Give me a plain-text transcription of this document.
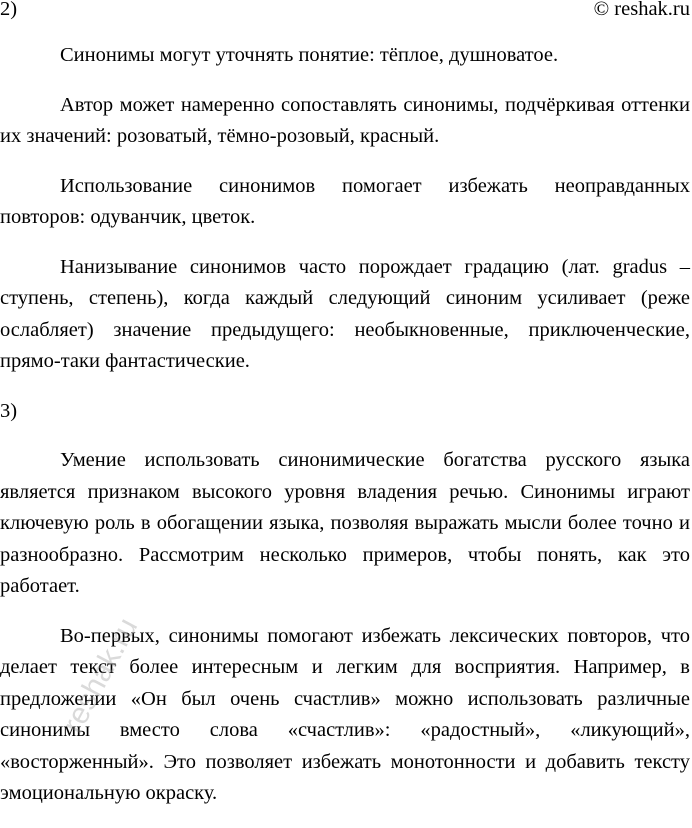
2)	© reshak.ru

Синонимы могут уточнять понятие: тёплое, душноватое.

Автор может намеренно сопоставлять синонимы, подчёркивая оттенки их значений: розоватый, тёмно-розовый, красный.

Использование синонимов помогает избежать неоправданных повторов: одуванчик, цветок.

Нанизывание синонимов часто порождает градацию (лат. gradus – ступень, степень), когда каждый следующий синоним усиливает (реже ослабляет) значение предыдущего: необыкновенные, приключенческие, прямо-таки фантастические.

3)

Умение использовать синонимические богатства русского языка является признаком высокого уровня владения речью. Синонимы играют ключевую роль в обогащении языка, позволяя выражать мысли более точно и разнообразно. Рассмотрим несколько примеров, чтобы понять, как это работает.

Во-первых, синонимы помогают избежать лексических повторов, что делает текст более интересным и легким для восприятия. Например, в предложении «Он был очень счастлив» можно использовать различные синонимы вместо слова «счастлив»: «радостный», «ликующий», «восторженный». Это позволяет избежать монотонности и добавить тексту эмоциональную окраску.

reshak.ru
